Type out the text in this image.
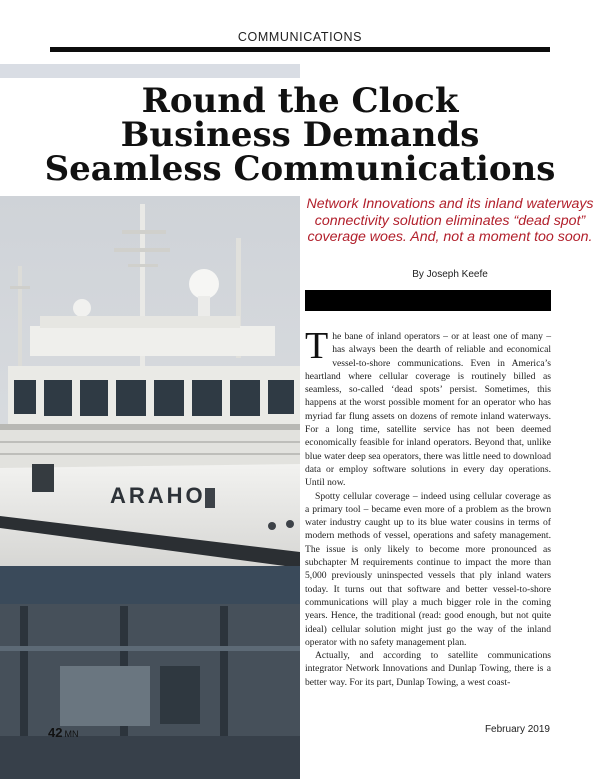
COMMUNICATIONS
Round the Clock
Business Demands
Seamless Communications
ARAHO
Network Innovations and its inland waterways connectivity solution eliminates “dead spot” coverage woes. And, not a moment too soon.
By Joseph Keefe

The bane of inland operators – or at least one of many – has always been the dearth of reliable and economical vessel-to-shore communications. Even in America’s heartland where cellular coverage is routinely billed as seamless, so-called ‘dead spots’ persist. Sometimes, this happens at the worst possible moment for an operator who has myriad far flung assets on dozens of remote inland waterways. For a long time, satellite service has not been deemed economically feasible for inland operators. Beyond that, unlike blue water deep sea operators, there was little need to download data or employ software solutions in every day operations. Until now.

Spotty cellular coverage – indeed using cellular coverage as a primary tool – became even more of a problem as the brown water industry caught up to its blue water cousins in terms of modern methods of vessel, operations and safety management. The issue is only likely to become more pronounced as subchapter M requirements continue to impact the more than 5,000 previously uninspected vessels that ply inland waters today. It turns out that software and better vessel-to-shore communications will play a much bigger role in the coming years. Hence, the traditional (read: good enough, but not quite ideal) cellular solution might just go the way of the inland operator with no safety management plan.

Actually, and according to satellite communications integrator Network Innovations and Dunlap Towing, there is a better way. For its part, Dunlap Towing, a west coast-

42 MN	February 2019
